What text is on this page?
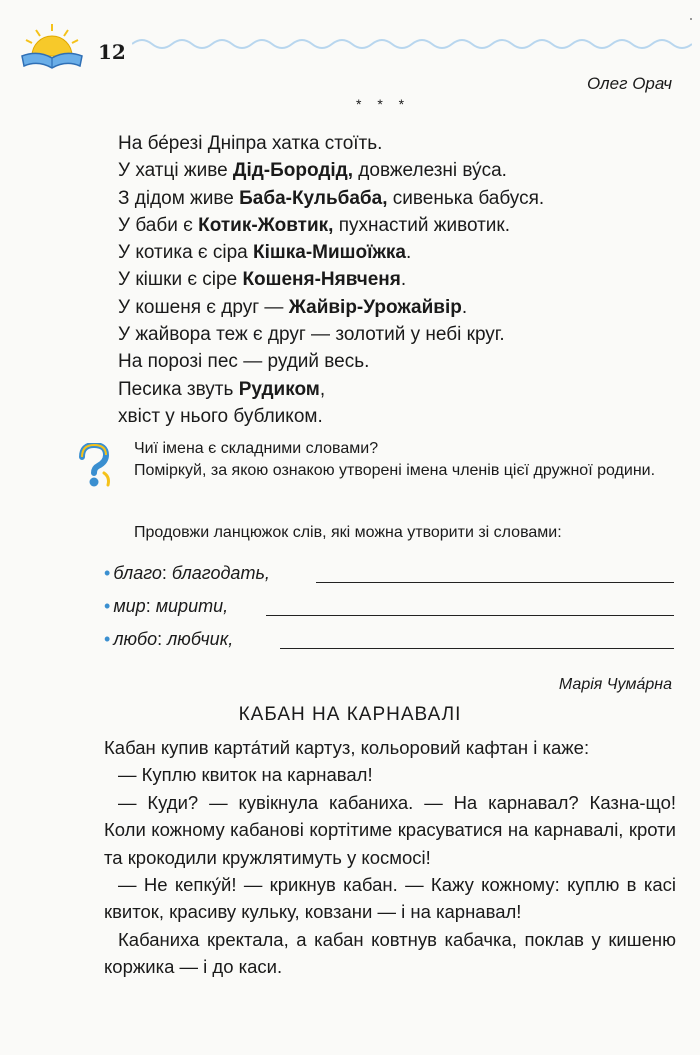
12
Олег Орач
* * *
На бе́резі Дніпра хатка стоїть.
У хатці живе Дід-Бородід, довжелезні ву́са.
З дідом живе Баба-Кульбаба, сивенька бабуся.
У баби є Котик-Жовтик, пухнастий животик.
У котика є сіра Кішка-Мишоїжка.
У кішки є сіре Кошеня-Нявченя.
У кошеня є друг — Жайвір-Урожайвір.
У жайвора теж є друг — золотий у небі круг.
На порозі пес — рудий весь.
Песика звуть Рудиком,
хвіст у нього бубликом.
Чиї імена є складними словами?
Поміркуй, за якою ознакою утворені імена членів цієї дружної родини.
Продовжи ланцюжок слів, які можна утворити зі словами:
• благо: благодать,
• мир: мирити,
• любо: любчик,
Марія Чума́рна
КАБАН НА КАРНАВАЛІ

Кабан купив карта́тий картуз, кольоровий кафтан і каже:

— Куплю квиток на карнавал!

— Куди? — кувікнула кабаниха. — На карнавал? Казна-що! Коли кожному кабанові кортітиме красуватися на карнавалі, кроти та крокодили кружлятимуть у космосі!

— Не кепку́й! — крикнув кабан. — Кажу кожному: куплю в касі квиток, красиву кульку, ковзани — і на карнавал!

Кабаниха кректала, а кабан ковтнув кабачка, поклав у кишеню коржика — і до каси.
